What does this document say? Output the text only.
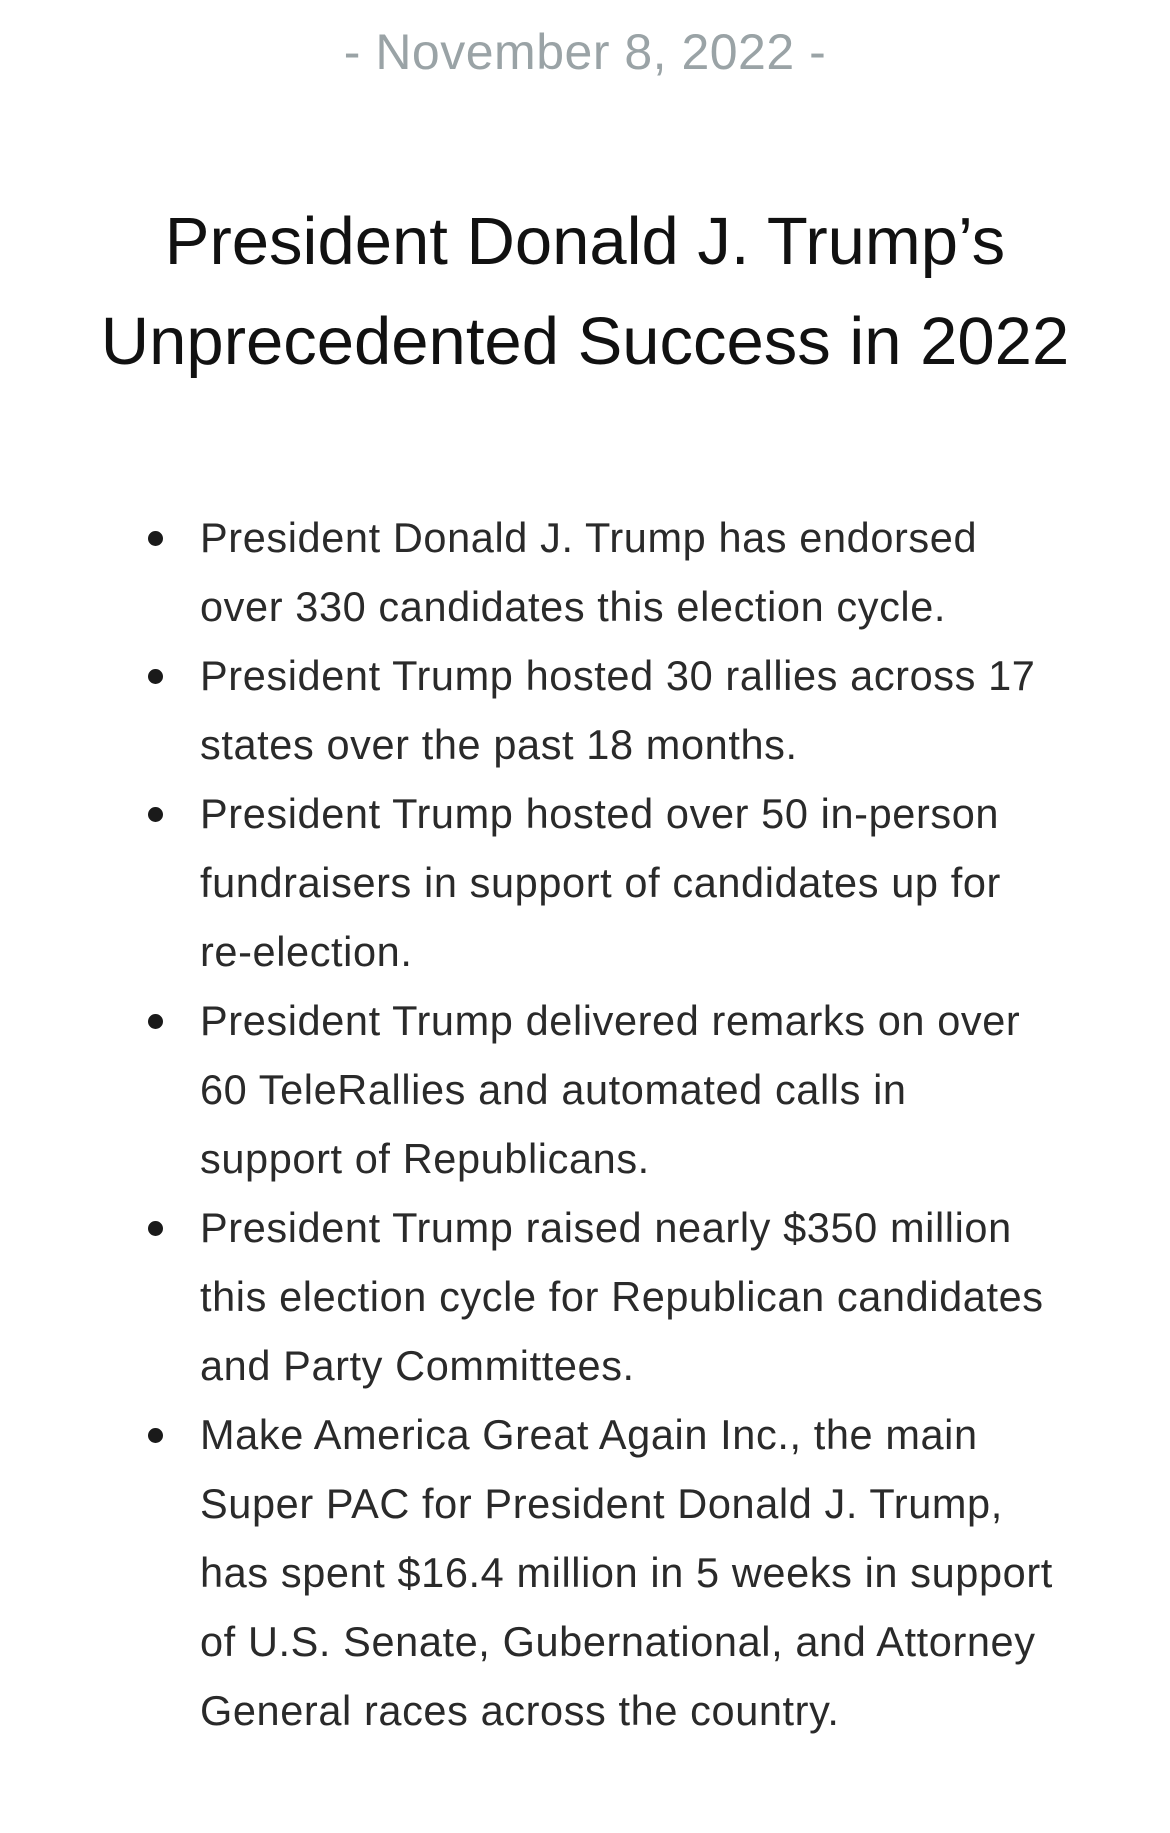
- November 8, 2022 -
President Donald J. Trump’s
Unprecedented Success in 2022
President Donald J. Trump has endorsed
over 330 candidates this election cycle.
President Trump hosted 30 rallies across 17
states over the past 18 months.
President Trump hosted over 50 in-person
fundraisers in support of candidates up for
re-election.
President Trump delivered remarks on over
60 TeleRallies and automated calls in
support of Republicans.
President Trump raised nearly $350 million
this election cycle for Republican candidates
and Party Committees.
Make America Great Again Inc., the main
Super PAC for President Donald J. Trump,
has spent $16.4 million in 5 weeks in support
of U.S. Senate, Gubernational, and Attorney
General races across the country.
